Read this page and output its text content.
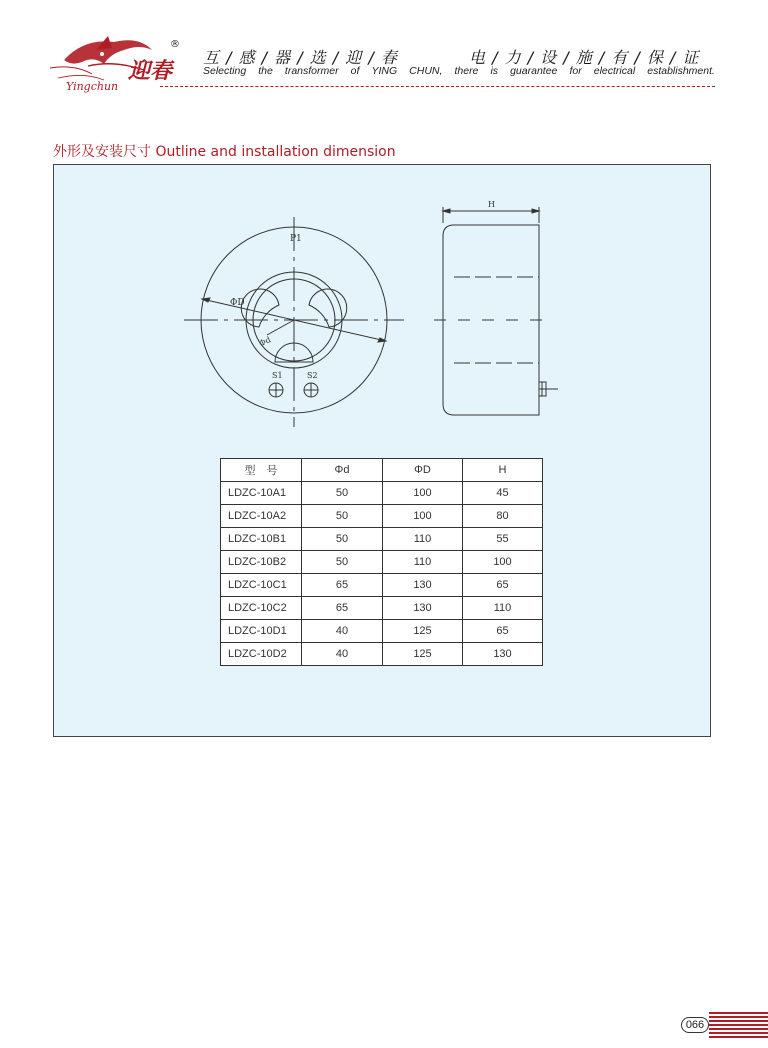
迎春
Yingchun
®
互 / 感 / 器 / 选 / 迎 / 春	电 / 力 / 设 / 施 / 有 / 保 / 证
Selecting the transformer of YING CHUN, there is guarantee for electrical establishment.
外形及安装尺寸 Outline and installation dimension
P1
ΦD
Φd
S1	S2
H
型　号	Φd	ΦD	H
LDZC-10A1	50	100	45
LDZC-10A2	50	100	80
LDZC-10B1	50	110	55
LDZC-10B2	50	110	100
LDZC-10C1	65	130	65
LDZC-10C2	65	130	110
LDZC-10D1	40	125	65
LDZC-10D2	40	125	130
066
